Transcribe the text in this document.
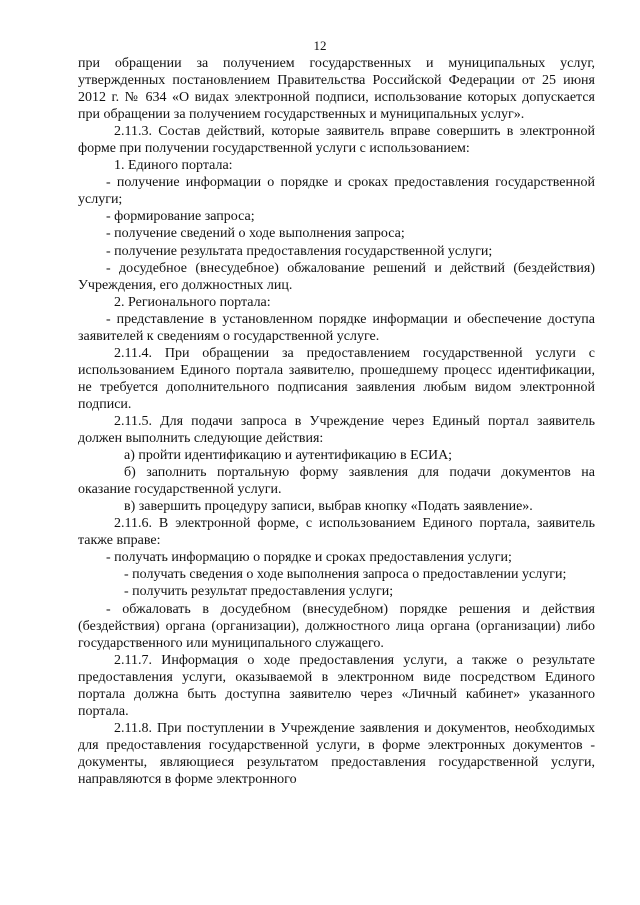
12

при обращении за получением государственных и муниципальных услуг, утвержденных постановлением Правительства Российской Федерации от 25 июня 2012 г. № 634 «О видах электронной подписи, использование которых допускается при обращении за получением государственных и муниципальных услуг».

2.11.3. Состав действий, которые заявитель вправе совершить в электронной форме при получении государственной услуги с использованием:

1. Единого портала:

- получение информации о порядке и сроках предоставления государственной услуги;

- формирование запроса;

- получение сведений о ходе выполнения запроса;

- получение результата предоставления государственной услуги;

- досудебное (внесудебное) обжалование решений и действий (бездействия) Учреждения, его должностных лиц.

2. Регионального портала:

- представление в установленном порядке информации и обеспечение доступа заявителей к сведениям о государственной услуге.

2.11.4. При обращении за предоставлением государственной услуги с использованием Единого портала заявителю, прошедшему процесс идентификации, не требуется дополнительного подписания заявления любым видом электронной подписи.

2.11.5. Для подачи запроса в Учреждение через Единый портал заявитель должен выполнить следующие действия:

а) пройти идентификацию и аутентификацию в ЕСИА;

б) заполнить портальную форму заявления для подачи документов на оказание государственной услуги.

в) завершить процедуру записи, выбрав кнопку «Подать заявление».

2.11.6. В электронной форме, с использованием Единого портала, заявитель также вправе:

- получать информацию о порядке и сроках предоставления услуги;

- получать сведения о ходе выполнения запроса о предоставлении услуги;

- получить результат предоставления услуги;

- обжаловать в досудебном (внесудебном) порядке решения и действия (бездействия) органа (организации), должностного лица органа (организации) либо государственного или муниципального служащего.

2.11.7. Информация о ходе предоставления услуги, а также о результате предоставления услуги, оказываемой в электронном виде посредством Единого портала должна быть доступна заявителю через «Личный кабинет» указанного портала.

2.11.8. При поступлении в Учреждение заявления и документов, необходимых для предоставления государственной услуги, в форме электронных документов - документы, являющиеся результатом предоставления государственной услуги, направляются в форме электронного
